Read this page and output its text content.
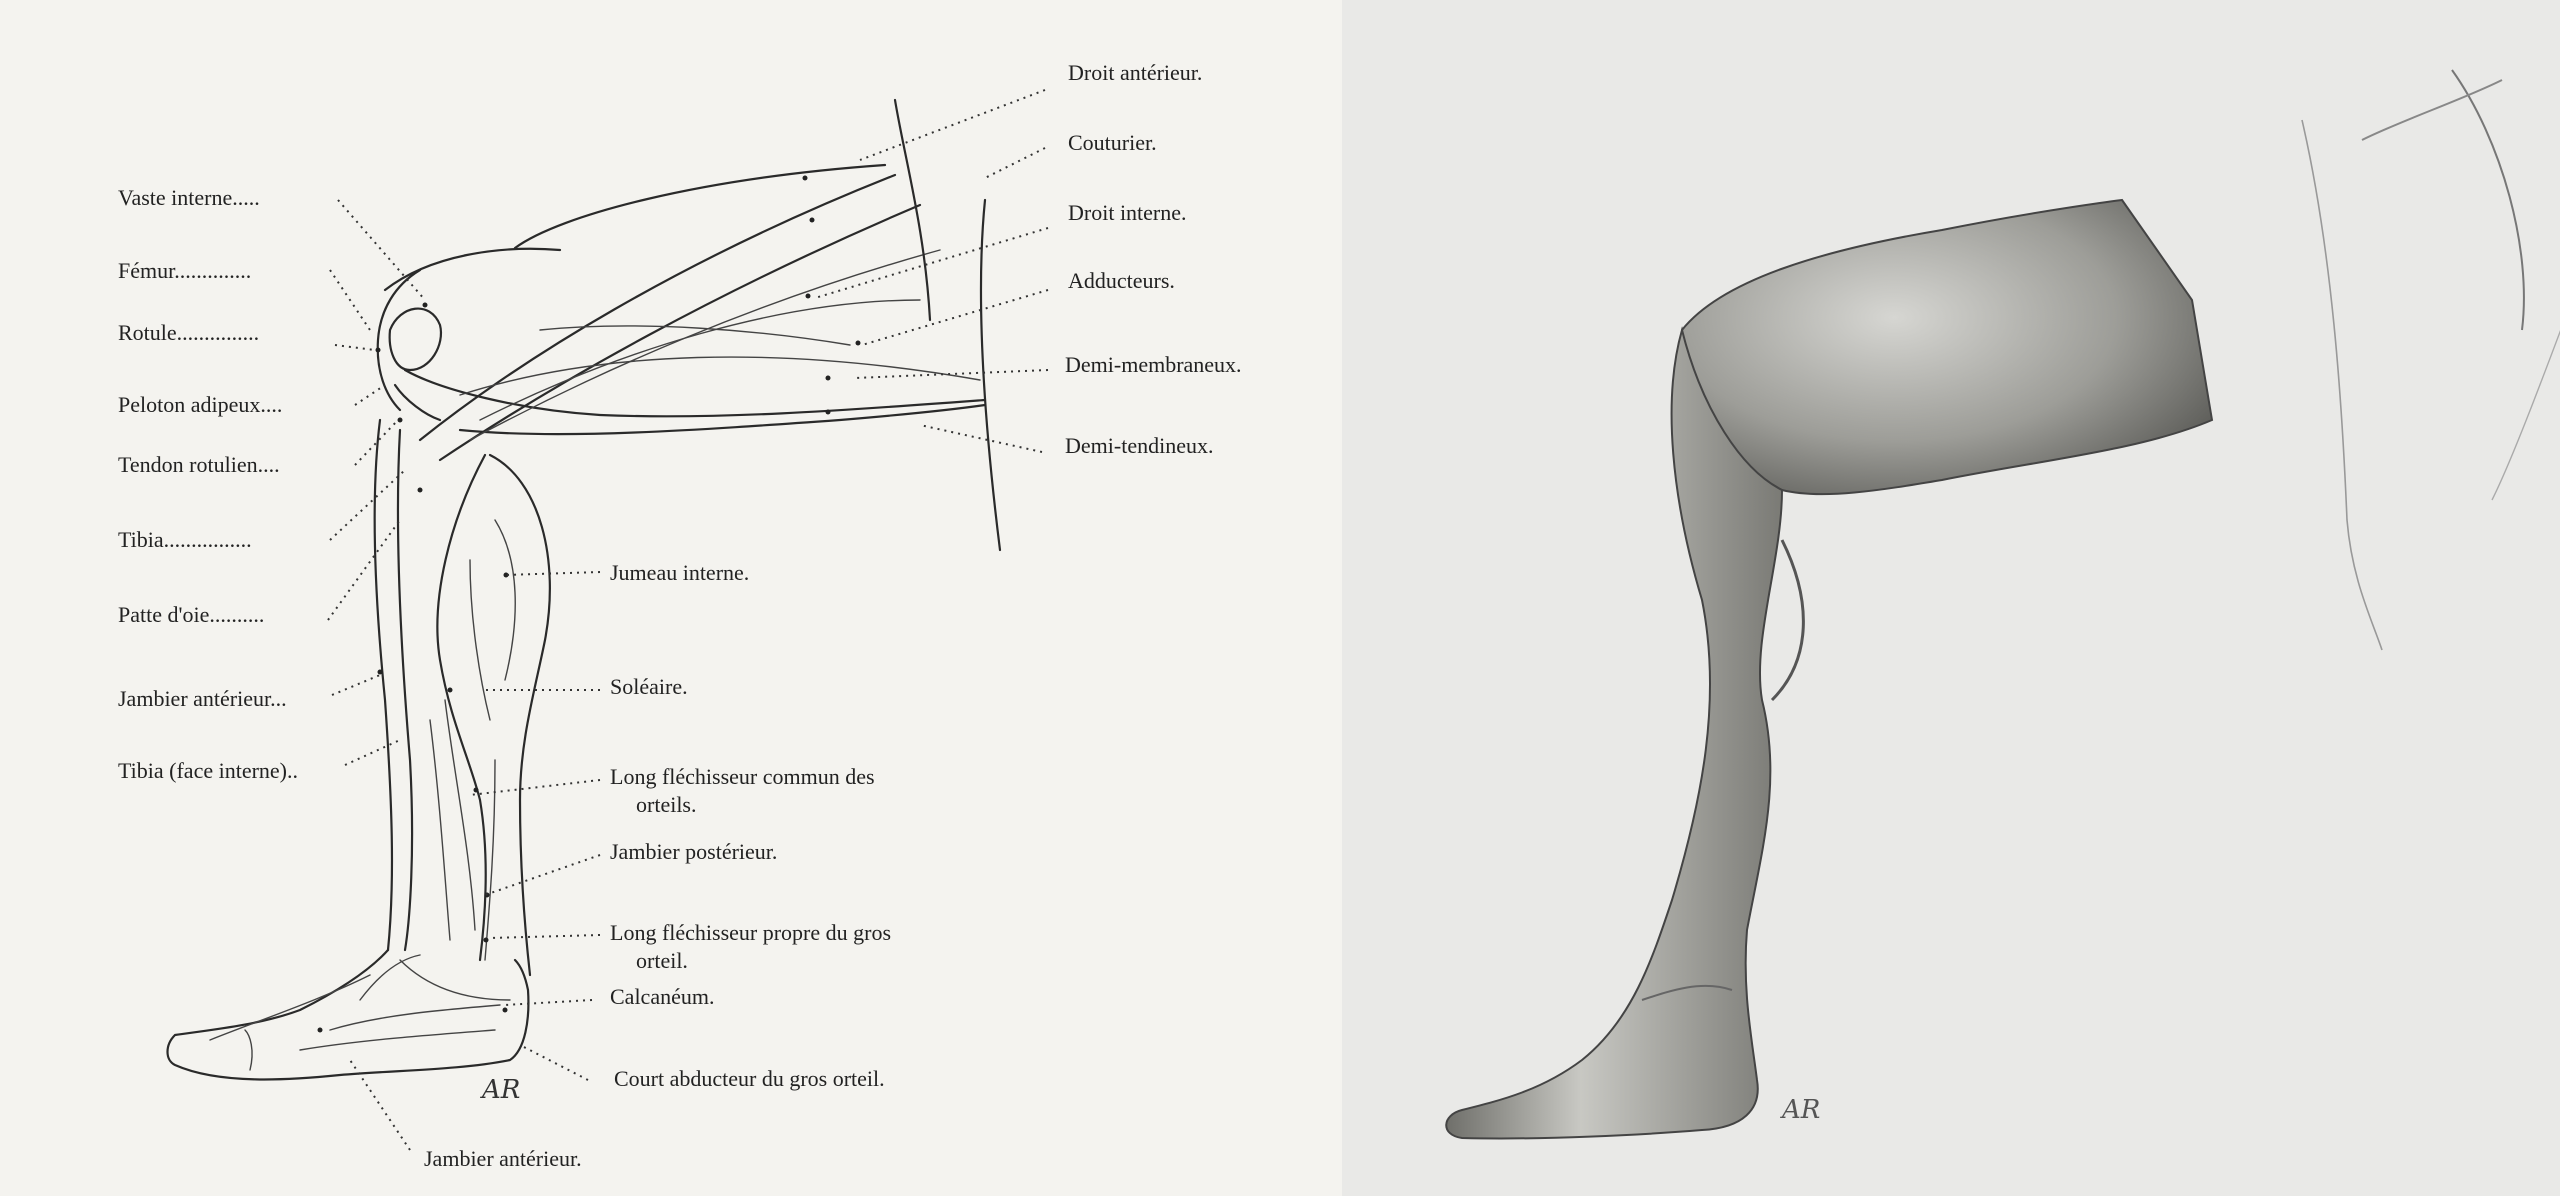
Vaste interne.....
Fémur..............
Rotule...............
Peloton adipeux....
Tendon rotulien....
Tibia................
Patte d'oie..........
Jambier antérieur...
Tibia (face interne)..
Droit antérieur.
Couturier.
Droit interne.
Adducteurs.
Demi-membraneux.
Demi-tendineux.
Jumeau interne.
Soléaire.
Long fléchisseur commun des
orteils.
Jambier postérieur.
Long fléchisseur propre du gros
orteil.
Calcanéum.
Court abducteur du gros orteil.
Jambier antérieur.
AR
AR
